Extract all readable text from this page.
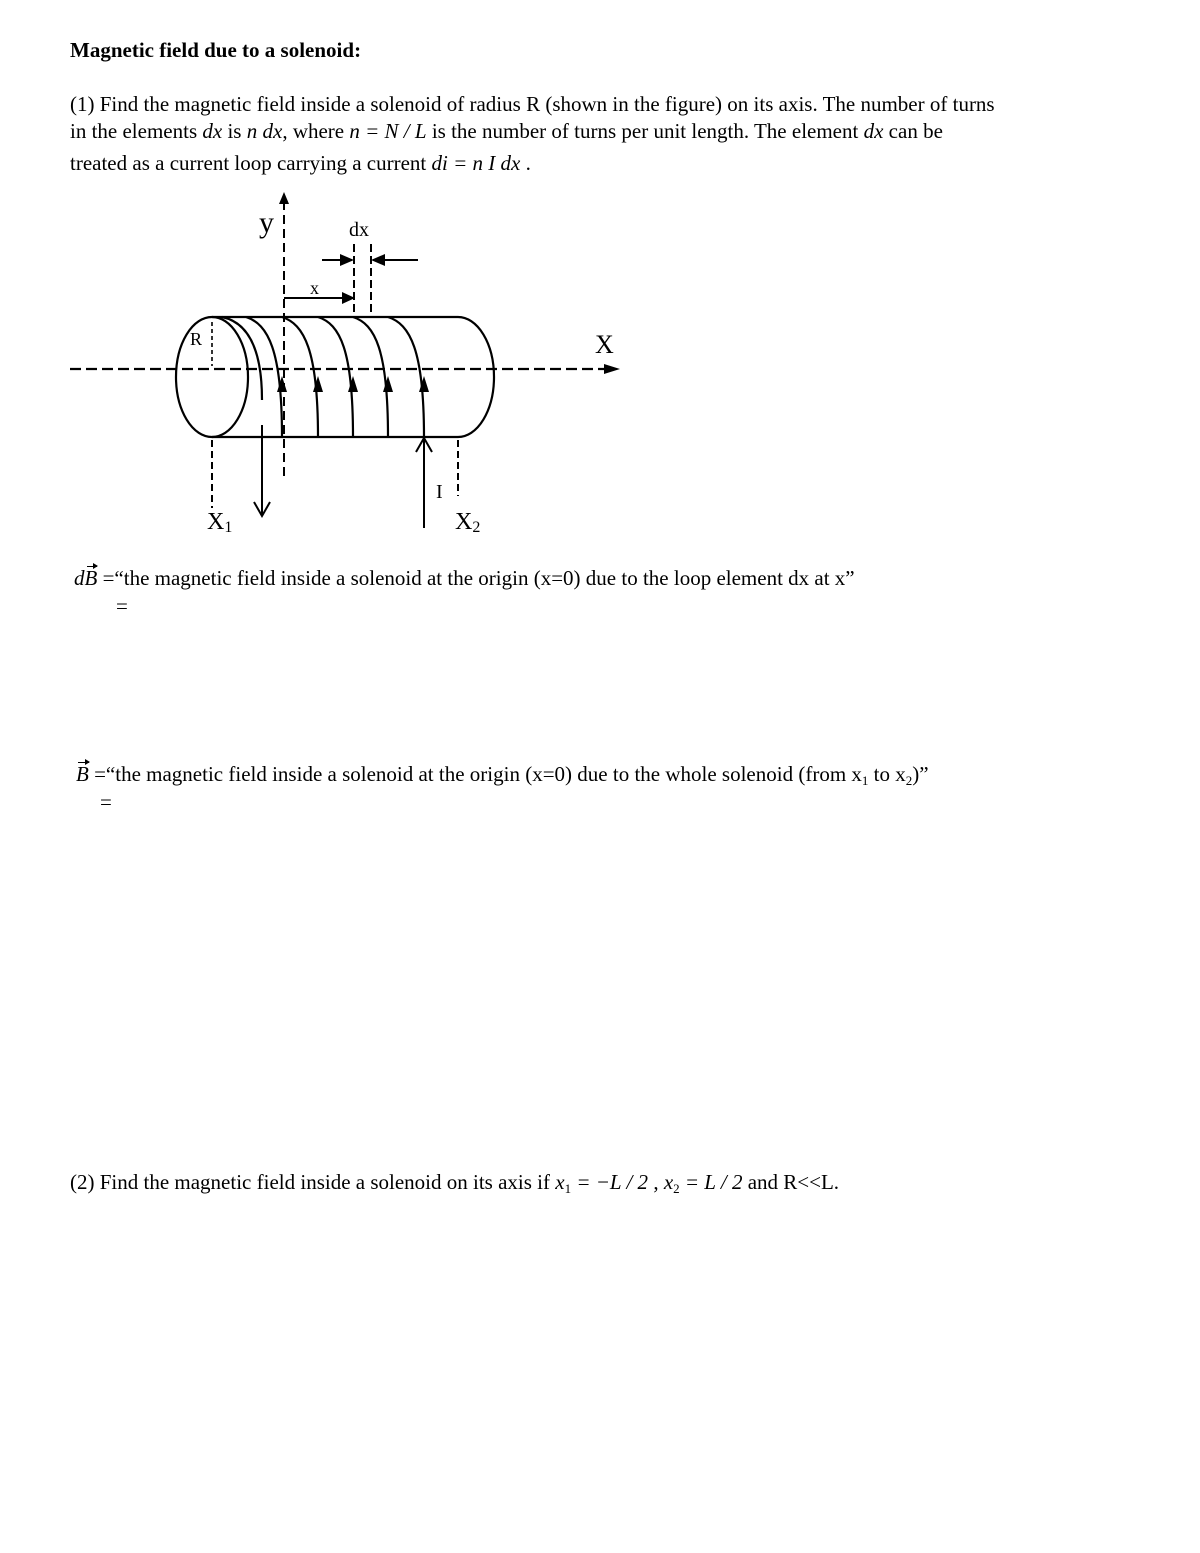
Magnetic field due to a solenoid:
(1) Find the magnetic field inside a solenoid of radius R (shown in the figure) on its axis. The number of turns
in the elements dx is n dx, where n = N / L is the number of turns per unit length. The element dx can be
treated as a current loop carrying a current di = n I dx .
y	dx
x
X
R
I
X1	X2
dB =“the magnetic field inside a solenoid at the origin (x=0) due to the loop element dx at x”
=
B =“the magnetic field inside a solenoid at the origin (x=0) due to the whole solenoid (from $x_1$ to $x_2$)”
=
(2) Find the magnetic field inside a solenoid on its axis if $x_1 = -L / 2$ , $x_2 = L / 2$ and R<<L.
